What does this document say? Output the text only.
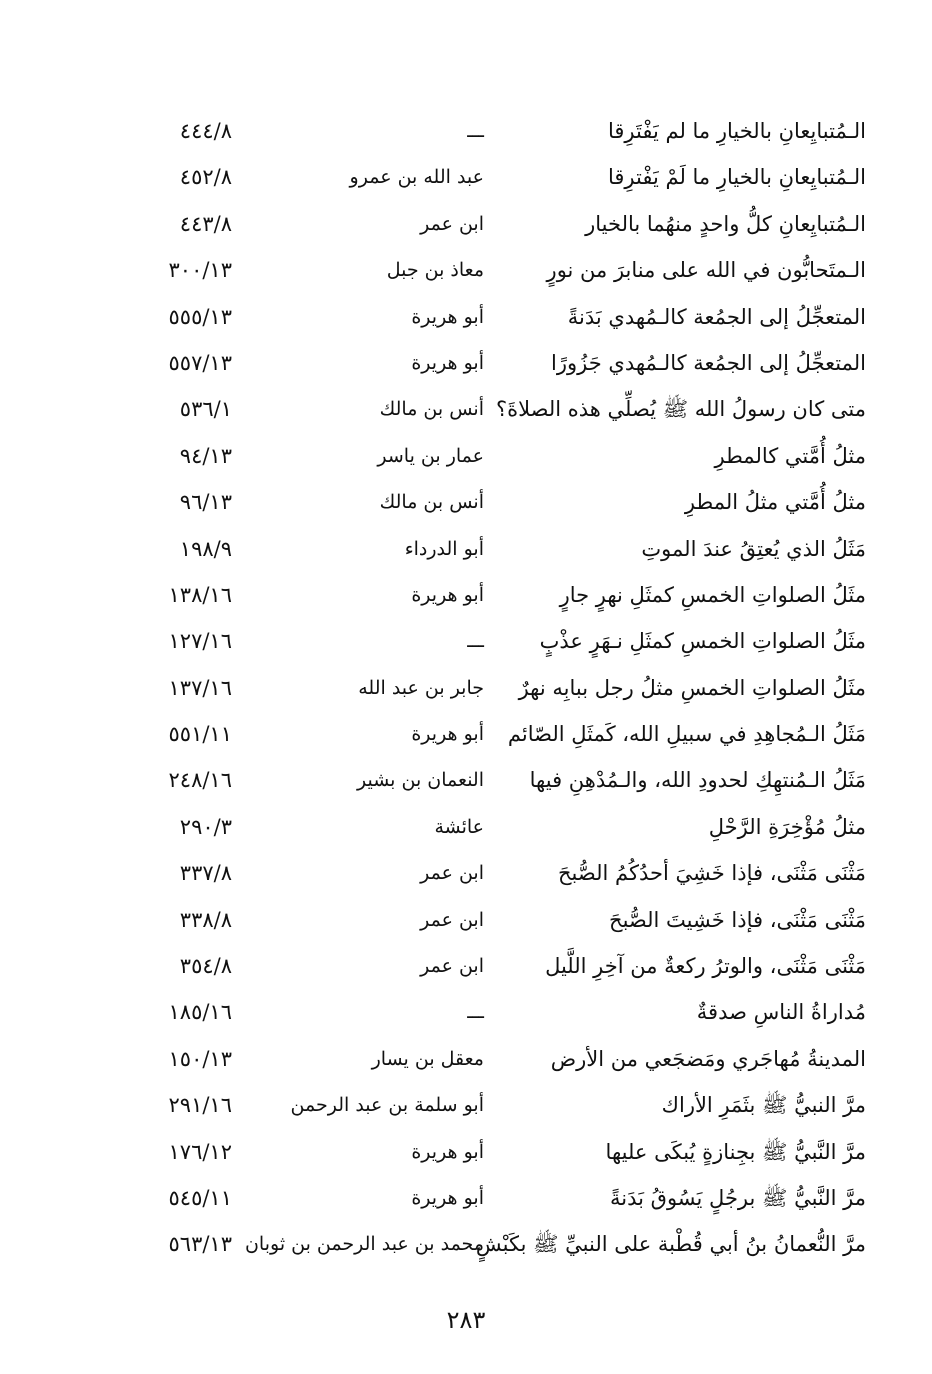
الـمُتبايِعانِ بالخيارِ ما لم يَفْتَرِقا
ـــ
٤٤٤/٨
الـمُتبايِعانِ بالخيارِ ما لَمْ يَفْترِقا
عبد الله بن عمرو
٤٥٢/٨
الـمُتبايِعانِ كلُّ واحدٍ منهُما بالخيار
ابن عمر
٤٤٣/٨
الـمتَحابُّون في الله على منابرَ من نورٍ
معاذ بن جبل
٣٠٠/١٣
المتعجِّلُ إلى الجمُعة كالـمُهدي بَدَنةً
أبو هريرة
٥٥٥/١٣
المتعجِّلُ إلى الجمُعة كالـمُهدي جَزُورًا
أبو هريرة
٥٥٧/١٣
متى كان رسولُ الله ﷺ يُصلِّي هذه الصلاةَ؟
أنس بن مالك
٥٣٦/١
مثلُ أُمَّتي كالمطرِ
عمار بن ياسر
٩٤/١٣
مثلُ أُمَّتي مثلُ المطرِ
أنس بن مالك
٩٦/١٣
مَثَلُ الذي يُعتِقُ عندَ الموتِ
أبو الدرداء
١٩٨/٩
مثَلُ الصلواتِ الخمسِ كمثَلِ نهرٍ جارٍ
أبو هريرة
١٣٨/١٦
مثَلُ الصلواتِ الخمسِ كمثَلِ نـهَرٍ عذْبٍ
ـــ
١٢٧/١٦
مثَلُ الصلواتِ الخمسِ مثلُ رجل ببابِه نهرٌ
جابر بن عبد الله
١٣٧/١٦
مَثَلُ الـمُجاهِدِ في سبيلِ الله، كَمثَلِ الصّائم
أبو هريرة
٥٥١/١١
مَثَلُ الـمُنتهِكِ لحدودِ الله، والـمُدْهِنِ فيها
النعمان بن بشير
٢٤٨/١٦
مثلُ مُؤْخِرَةِ الرَّحْلِ
عائشة
٢٩٠/٣
مَثْنَى مَثْنَى، فإذا خَشِيَ أحدُكُمُ الصُّبحَ
ابن عمر
٣٣٧/٨
مَثْنَى مَثْنَى، فإذا خَشِيتَ الصُّبحَ
ابن عمر
٣٣٨/٨
مَثْنَى مَثْنَى، والوترُ ركعةٌ من آخِرِ اللَّيل
ابن عمر
٣٥٤/٨
مُداراةُ الناسِ صدقةٌ
ـــ
١٨٥/١٦
المدينةُ مُهاجَري ومَضجَعي من الأرض
معقل بن يسار
١٥٠/١٣
مرَّ النبيُّ ﷺ بثَمَرِ الأراك
أبو سلمة بن عبد الرحمن
٢٩١/١٦
مرَّ النَّبيُّ ﷺ بجِنازةٍ يُبكَى عليها
أبو هريرة
١٧٦/١٢
مرَّ النَّبيُّ ﷺ برجُلٍ يَسُوقُ بَدَنةً
أبو هريرة
٥٤٥/١١
مرَّ النُّعمانُ بنُ أبي قُطْبة على النبيِّ ﷺ بكَبْشٍ
محمد بن عبد الرحمن بن ثوبان
٥٦٣/١٣
٢٨٣
